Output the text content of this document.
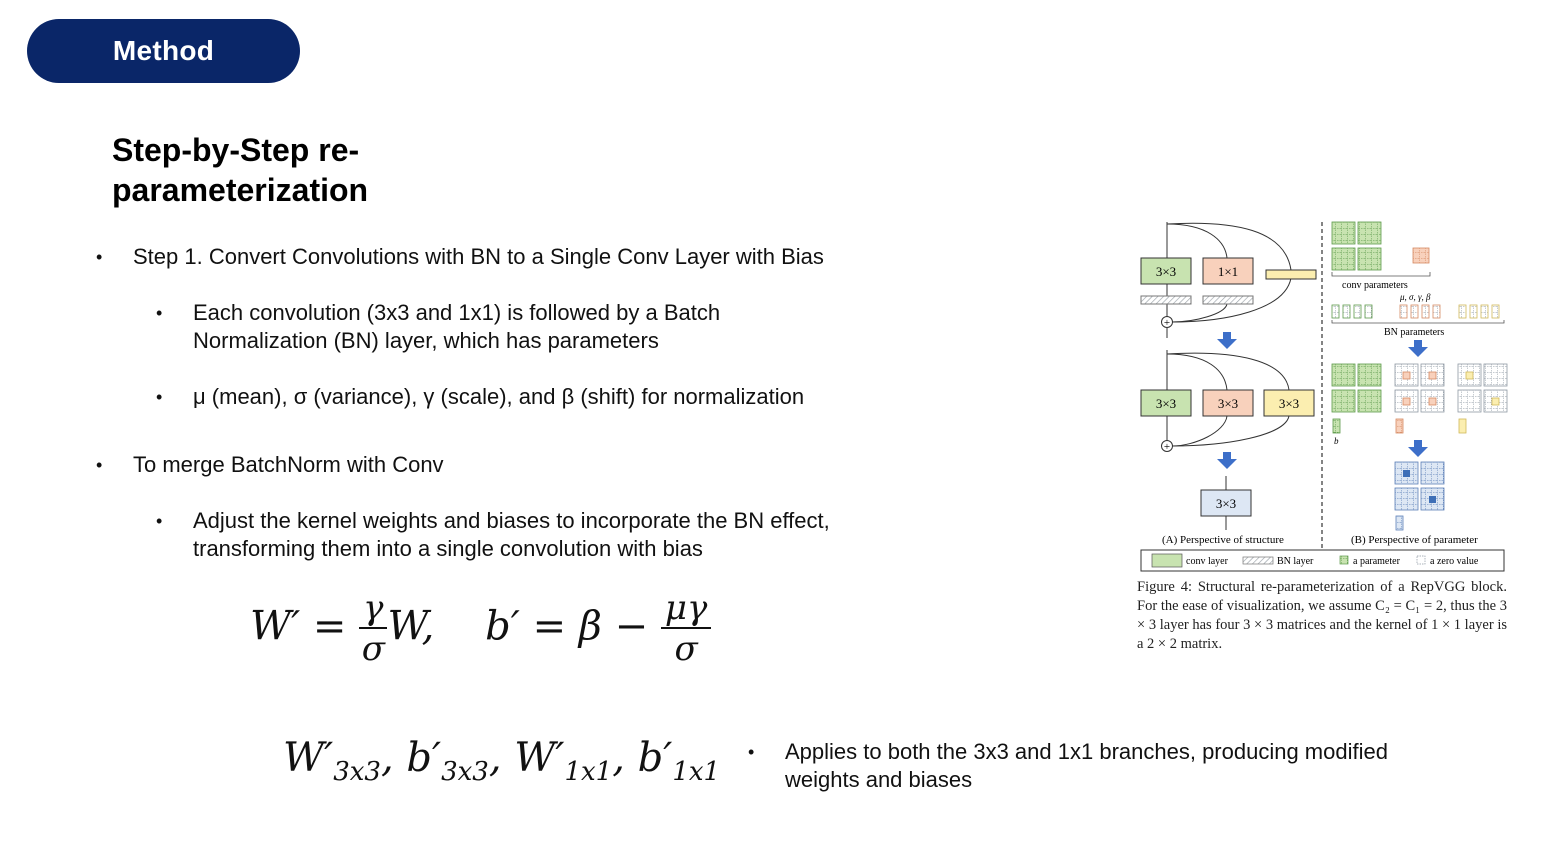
Method
Step-by-Step re-parameterization
•	Step 1. Convert Convolutions with BN to a Single Conv Layer with Bias
•	Each convolution (3x3 and 1x1) is followed by a Batch Normalization (BN) layer, which has parameters
•	μ (mean), σ (variance), γ (scale), and β (shift) for normalization
•	To merge BatchNorm with Conv
•	Adjust the kernel weights and biases to incorporate the BN effect, transforming them into a single convolution with bias
•	Applies to both the 3x3 and 1x1 branches, producing modified weights and biases
$W' = \frac{\gamma}{\sigma} W$,    $b' = \beta - \frac{\mu\gamma}{\sigma}$
$W'_{3x3}$, $b'_{3x3}$, $W'_{1x1}$, $b'_{1x1}$
3×3	1×1
+
3×3	3×3	3×3
+
3×3
conv parameters
μ, σ, γ, β
BN parameters
b
(A) Perspective of structure	(B) Perspective of parameter
conv layer	BN layer	a parameter	a zero value
Figure 4: Structural re-parameterization of a RepVGG block. For the ease of visualization, we assume C₂ = C₁ = 2, thus the 3 × 3 layer has four 3 × 3 matrices and the kernel of 1 × 1 layer is a 2 × 2 matrix.
